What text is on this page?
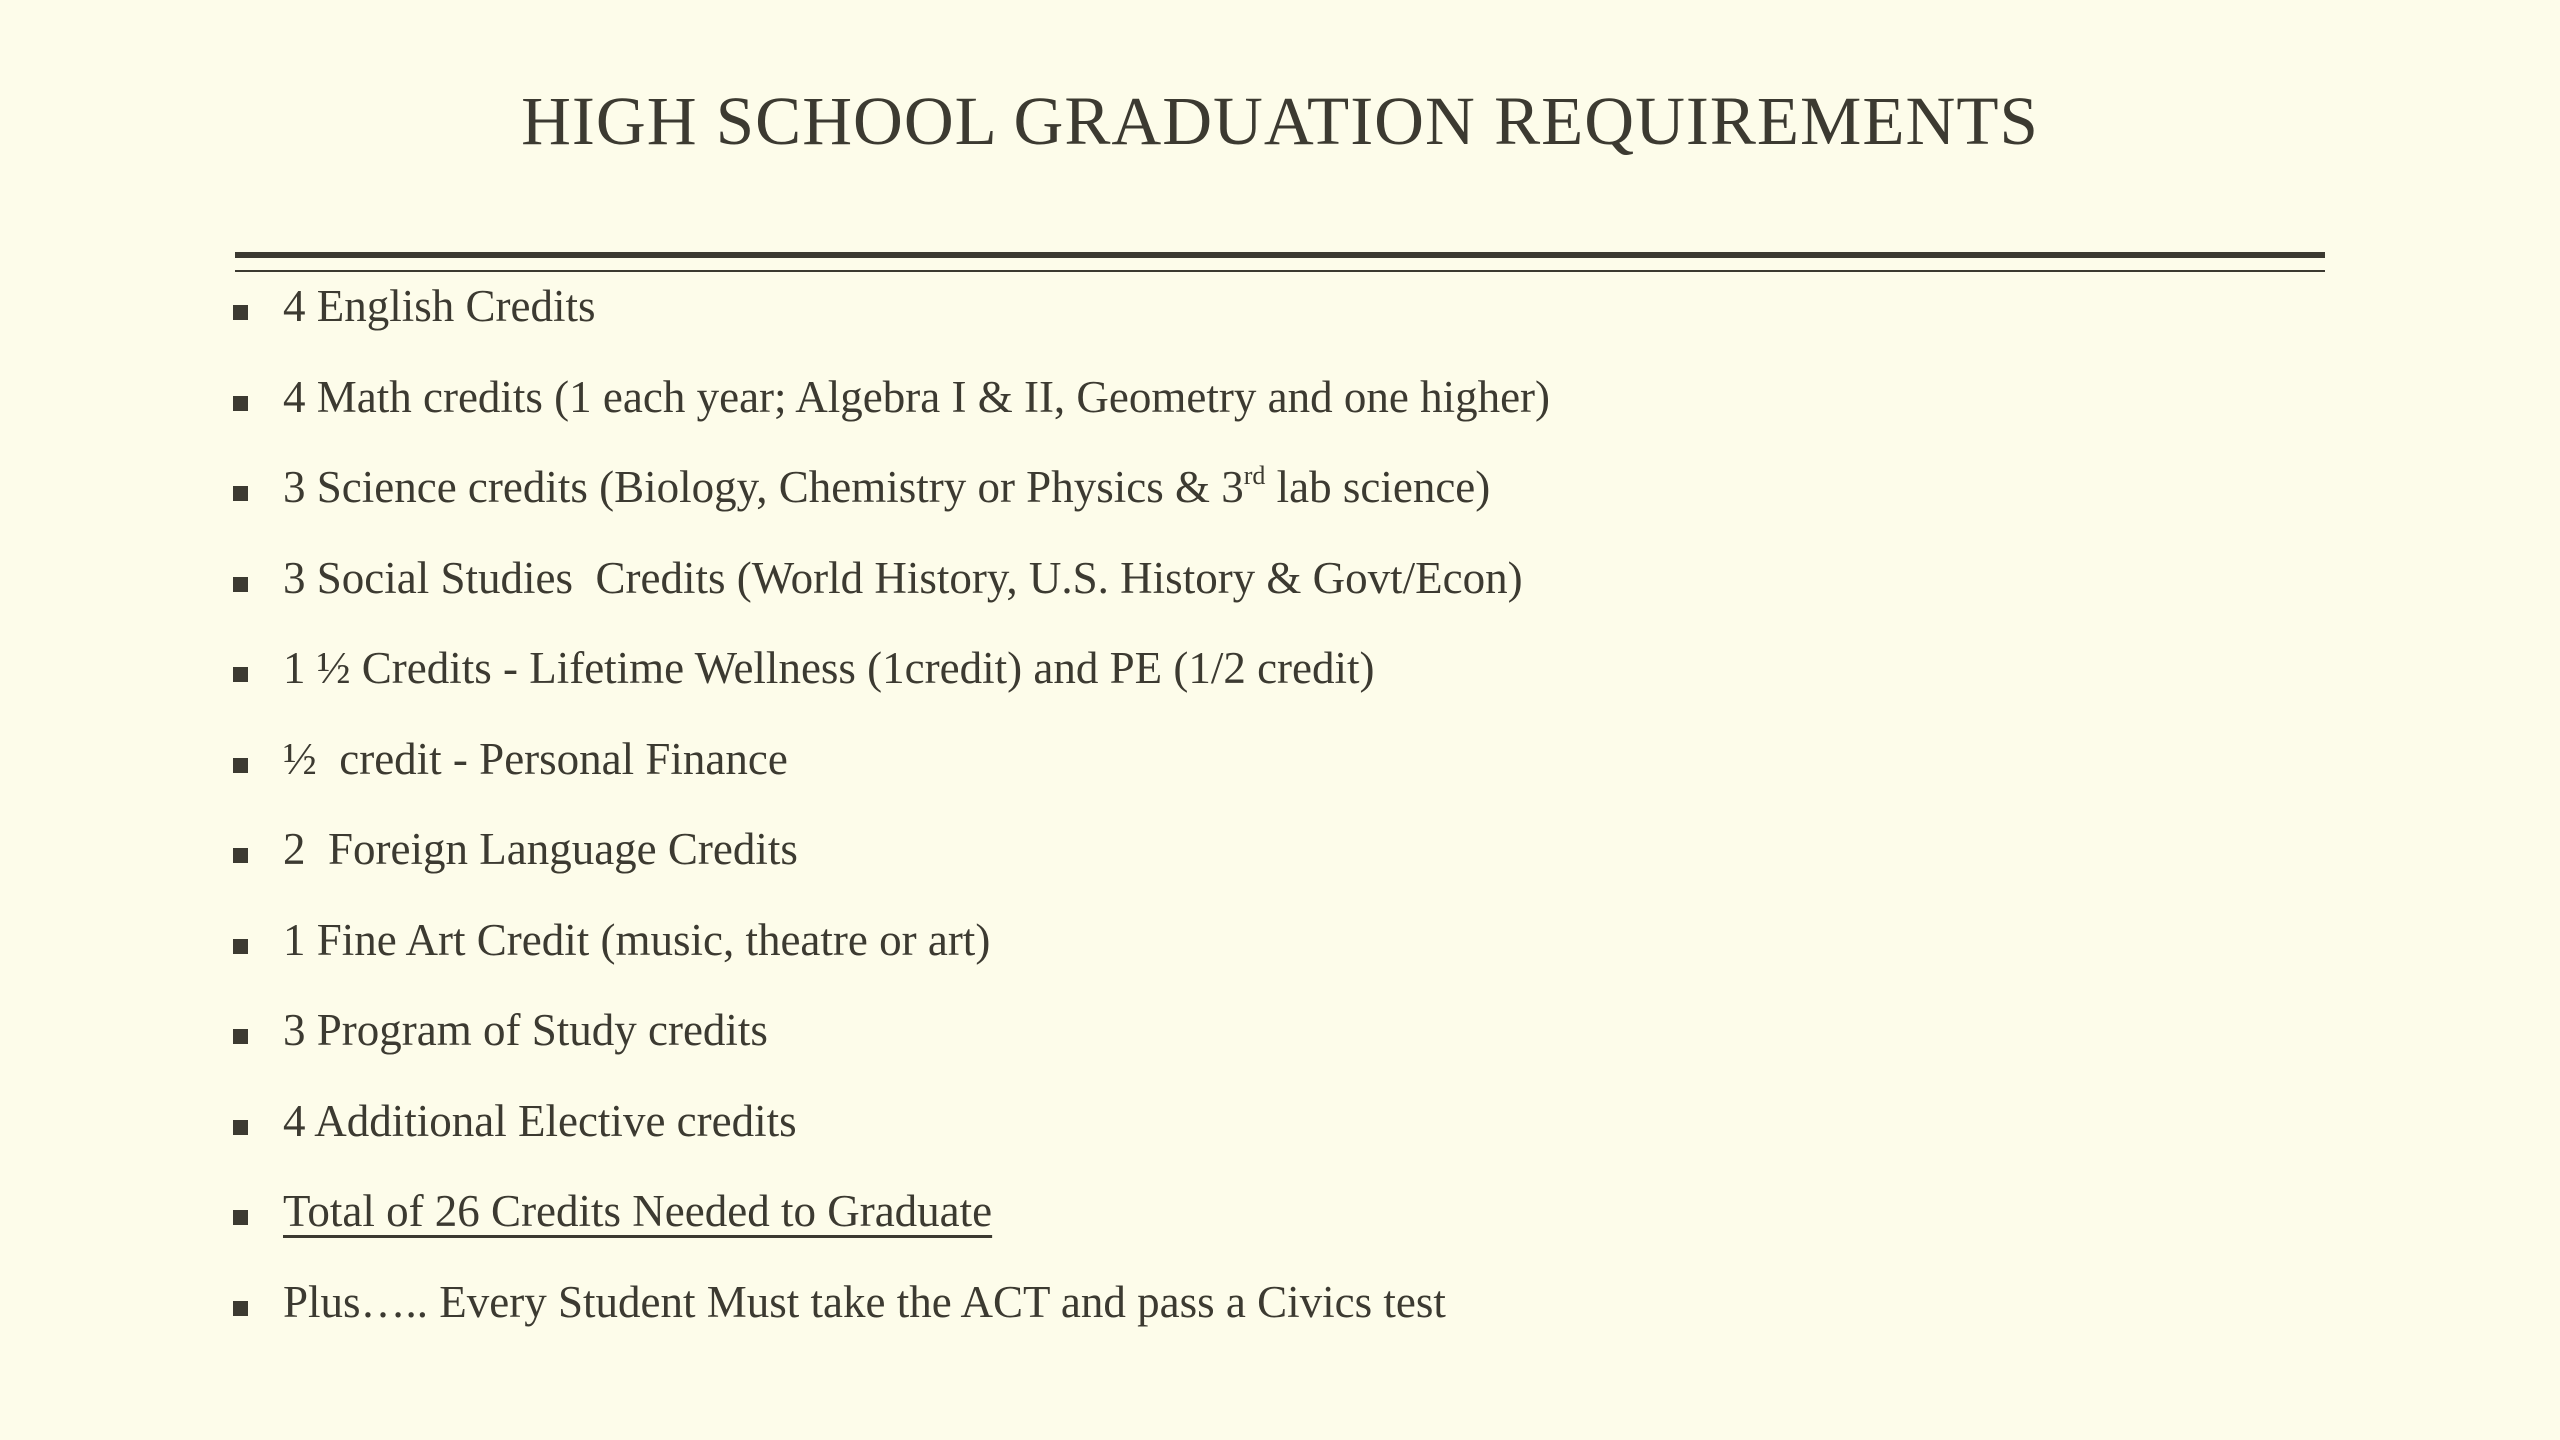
HIGH SCHOOL GRADUATION REQUIREMENTS
4 English Credits
4 Math credits (1 each year; Algebra I & II, Geometry and one higher)
3 Science credits (Biology, Chemistry or Physics & 3rd lab science)
3 Social Studies  Credits (World History, U.S. History & Govt/Econ)
1 ½ Credits - Lifetime Wellness (1credit) and PE (1/2 credit)
½  credit - Personal Finance
2  Foreign Language Credits
1 Fine Art Credit (music, theatre or art)
3 Program of Study credits
4 Additional Elective credits
Total of 26 Credits Needed to Graduate
Plus….. Every Student Must take the ACT and pass a Civics test
